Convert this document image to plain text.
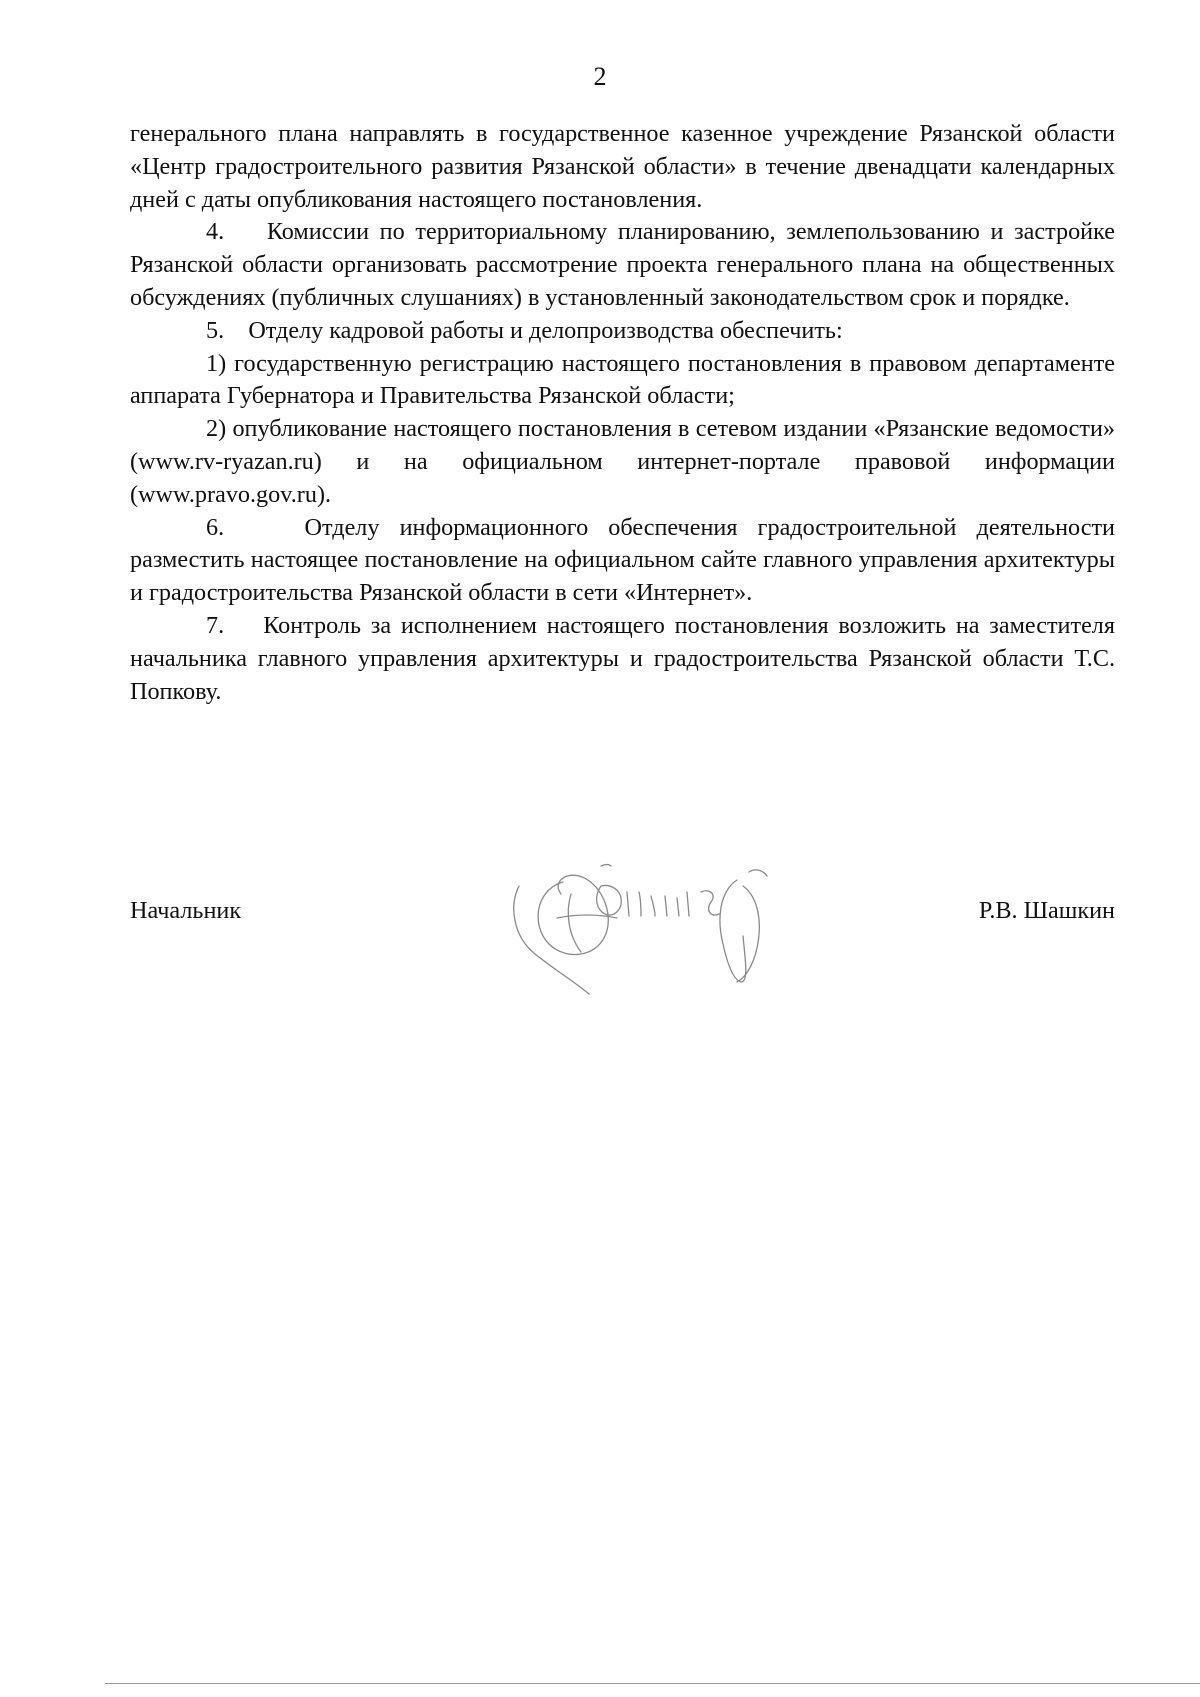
2

генерального плана направлять в государственное казенное учреждение Рязанской области «Центр градостроительного развития Рязанской области» в течение двенадцати календарных дней с даты опубликования настоящего постановления.

4.    Комиссии по территориальному планированию, землепользованию и застройке Рязанской области организовать рассмотрение проекта генерального плана на общественных обсуждениях (публичных слушаниях) в установленный законодательством срок и порядке.

5.    Отделу кадровой работы и делопроизводства обеспечить:

1) государственную регистрацию настоящего постановления в правовом департаменте аппарата Губернатора и Правительства Рязанской области;

2) опубликование настоящего постановления в сетевом издании «Рязанские ведомости» (www.rv-ryazan.ru) и на официальном интернет-портале правовой информации (www.pravo.gov.ru).

6.    Отделу информационного обеспечения градостроительной деятельности разместить настоящее постановление на официальном сайте главного управления архитектуры и градостроительства Рязанской области в сети «Интернет».

7.    Контроль за исполнением настоящего постановления возложить на заместителя начальника главного управления архитектуры и градостроительства Рязанской области Т.С. Попкову.

Начальник	Р.В. Шашкин
